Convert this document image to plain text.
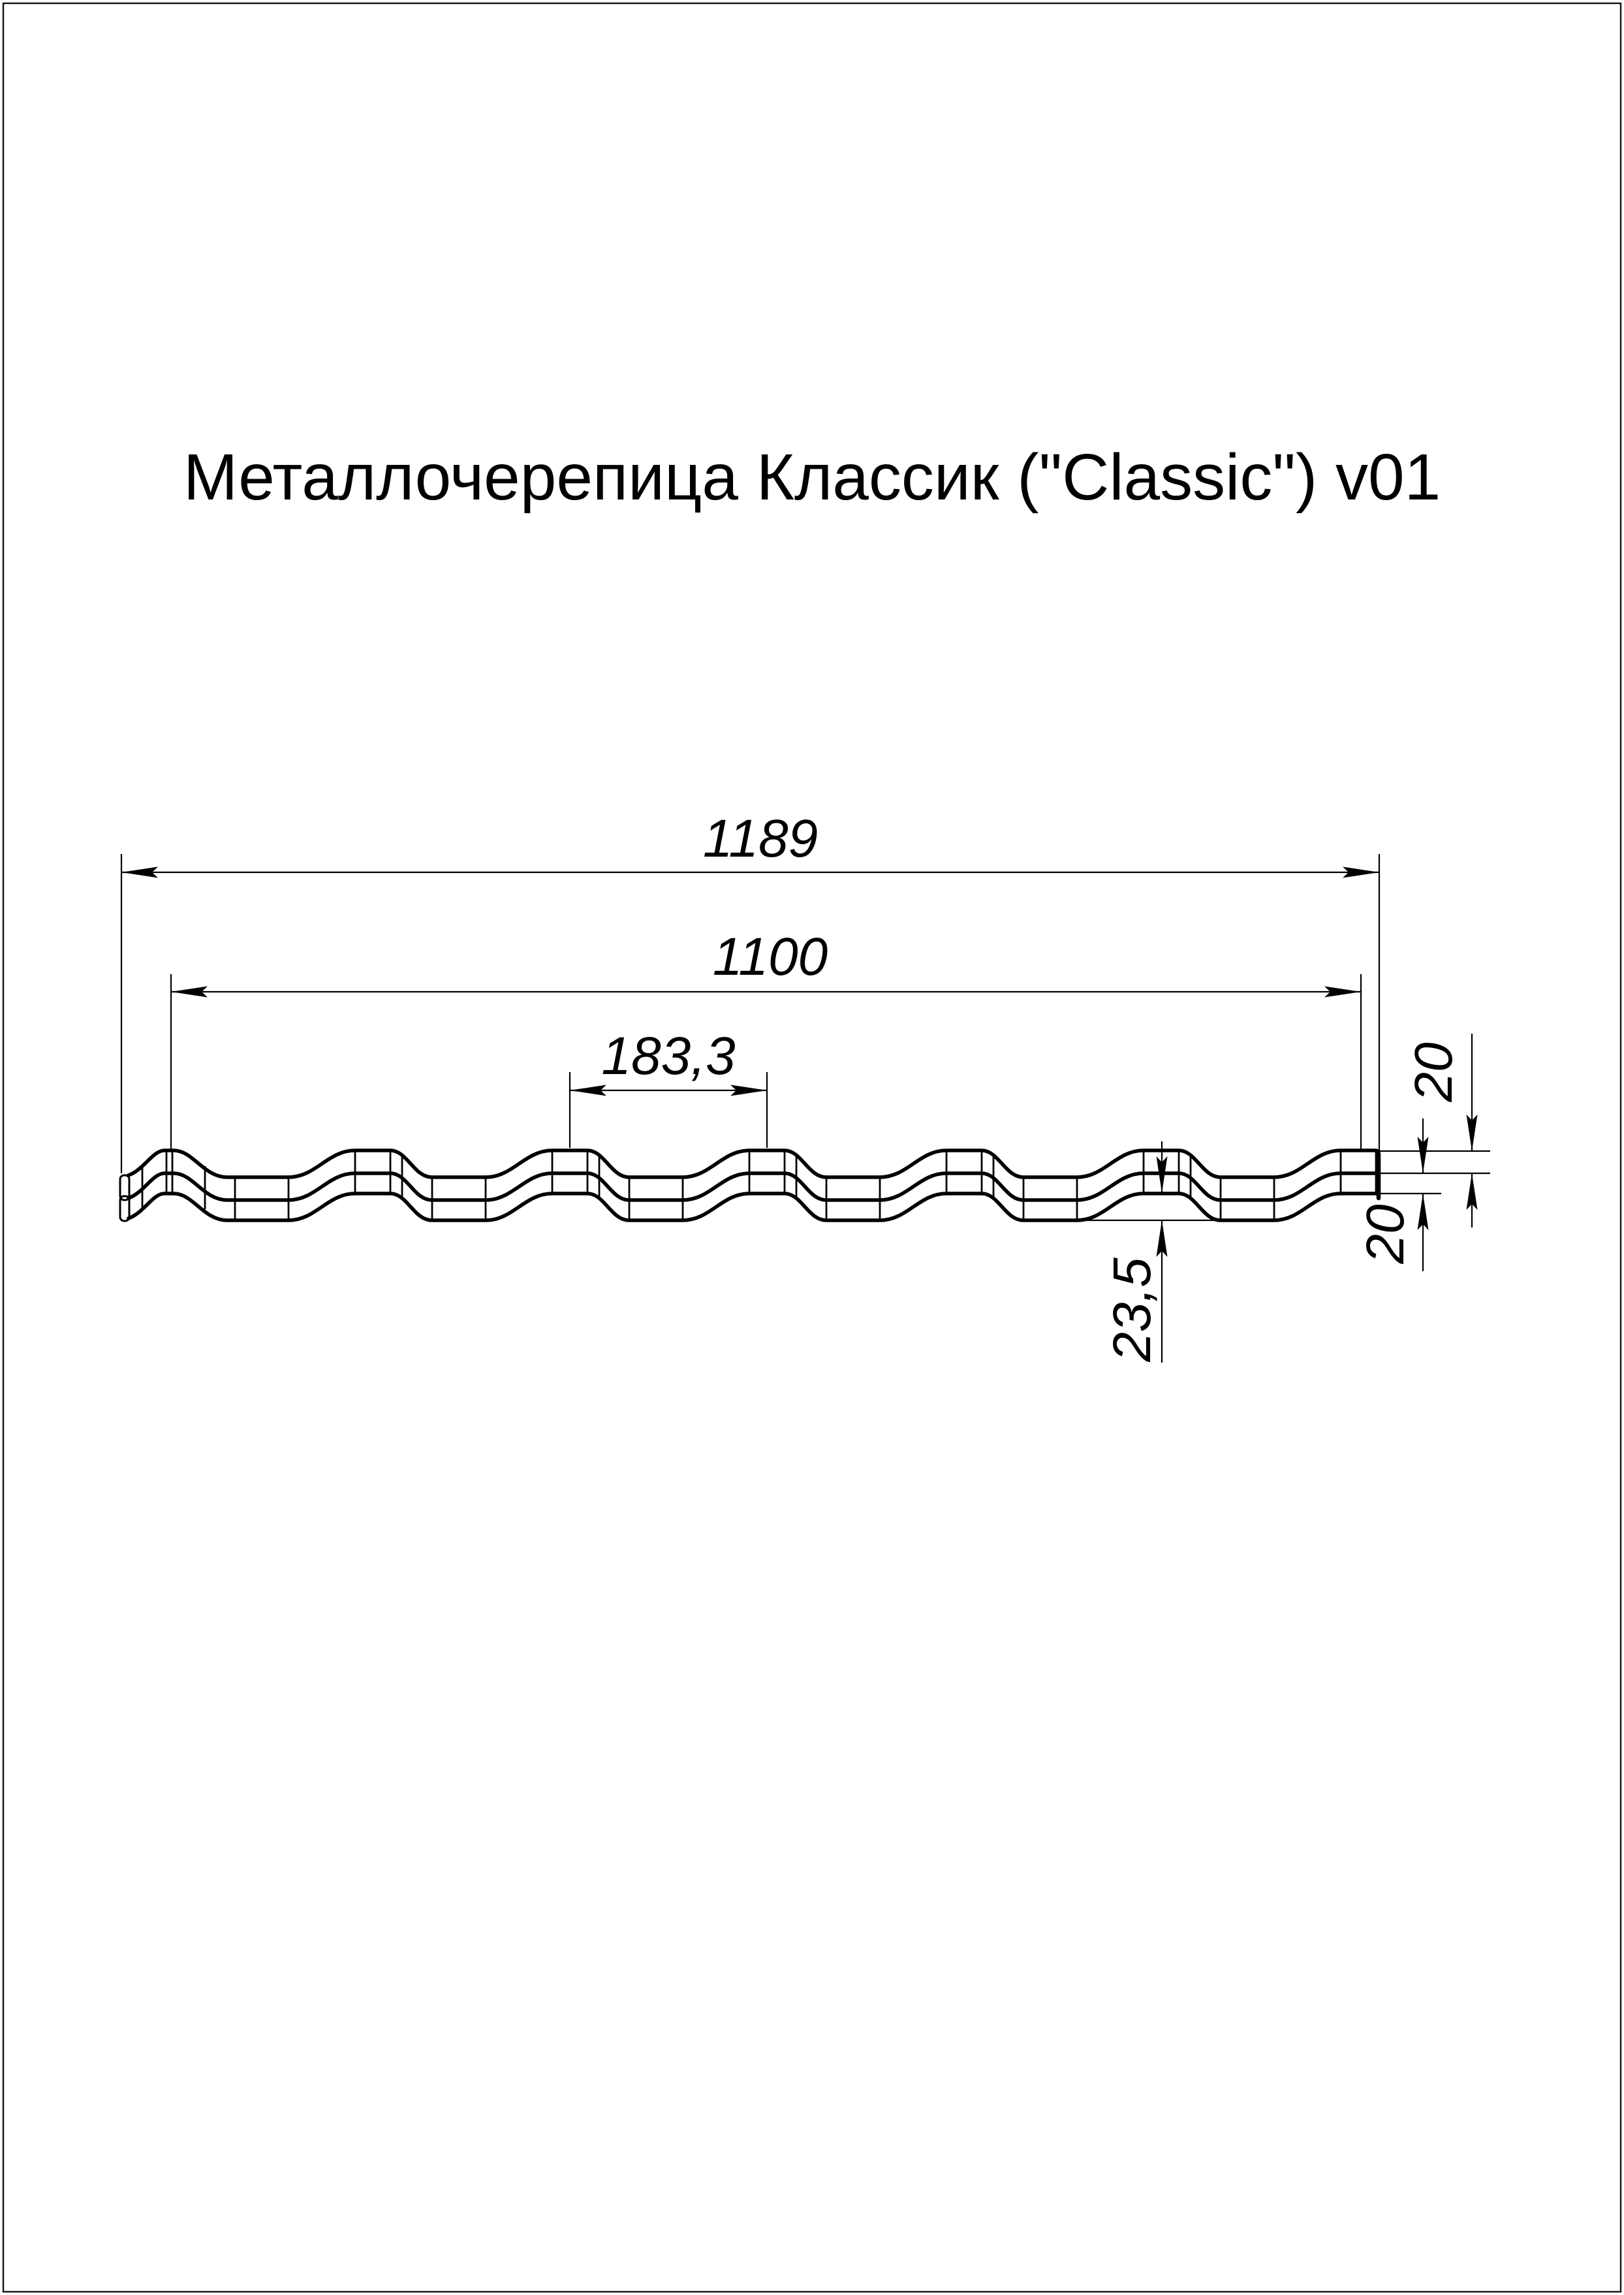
Металлочерепица Классик ("Classic") v01
1189
1100
183,3	20
20
23,5
